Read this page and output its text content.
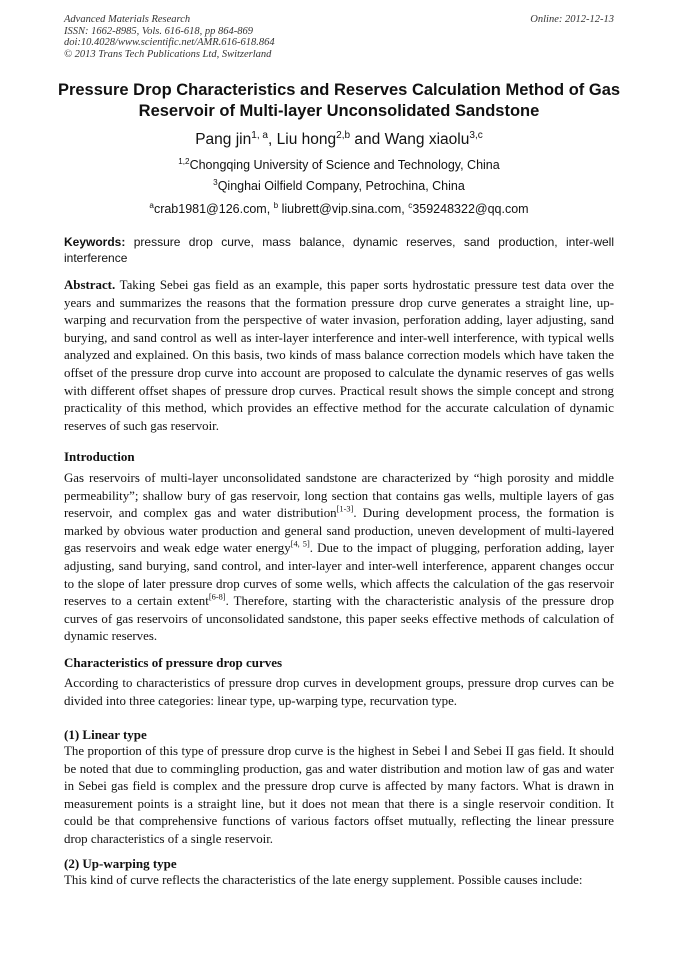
Advanced Materials Research
ISSN: 1662-8985, Vols. 616-618, pp 864-869
doi:10.4028/www.scientific.net/AMR.616-618.864
© 2013 Trans Tech Publications Ltd, Switzerland
Online: 2012-12-13
Pressure Drop Characteristics and Reserves Calculation Method of Gas
Reservoir of Multi-layer Unconsolidated Sandstone
Pang jin$^{1, a}$, Liu hong$^{2,b}$ and Wang xiaolu$^{3,c}$
$^{1,2}$Chongqing University of Science and Technology, China
$^3$Qinghai Oilfield Company, Petrochina, China
$^a$crab1981@126.com, $^b$ liubrett@vip.sina.com, $^c$359248322@qq.com

Keywords: pressure drop curve, mass balance, dynamic reserves, sand production, inter-well interference

Abstract. Taking Sebei gas field as an example, this paper sorts hydrostatic pressure test data over the years and summarizes the reasons that the formation pressure drop curve generates a straight line, up-warping and recurvation from the perspective of water invasion, perforation adding, layer adjusting, sand burying, and sand control as well as inter-layer interference and inter-well interference, with typical wells analyzed and explained. On this basis, two kinds of mass balance correction models which have taken the offset of the pressure drop curve into account are proposed to calculate the dynamic reserves of gas wells with different offset shapes of pressure drop curves. Practical result shows the simple concept and strong practicality of this method, which provides an effective method for the accurate calculation of dynamic reserves of such gas reservoir.

Introduction

Gas reservoirs of multi-layer unconsolidated sandstone are characterized by “high porosity and middle permeability”; shallow bury of gas reservoir, long section that contains gas wells, multiple layers of gas reservoir, and complex gas and water distribution[1-3]. During development process, the formation is marked by obvious water production and general sand production, uneven development of multi-layered gas reservoirs and weak edge water energy[4, 5]. Due to the impact of plugging, perforation adding, layer adjusting, sand burying, sand control, and inter-layer and inter-well interference, apparent changes occur to the slope of later pressure drop curves of some wells, which affects the calculation of the gas reservoir reserves to a certain extent[6-8]. Therefore, starting with the characteristic analysis of the pressure drop curves of gas reservoirs of unconsolidated sandstone, this paper seeks effective methods of calculation of dynamic reserves.

Characteristics of pressure drop curves

According to characteristics of pressure drop curves in development groups, pressure drop curves can be divided into three categories: linear type, up-warping type, recurvation type.

(1) Linear type

The proportion of this type of pressure drop curve is the highest in Sebei Ⅰ and Sebei II gas field. It should be noted that due to commingling production, gas and water distribution and motion law of gas and water in Sebei gas field is complex and the pressure drop curve is affected by many factors. What is drawn in measurement points is a straight line, but it does not mean that there is a single reservoir condition. It could be that comprehensive functions of various factors offset mutually, reflecting the linear pressure drop characteristics of a single reservoir.

(2) Up-warping type

This kind of curve reflects the characteristics of the late energy supplement. Possible causes include:
